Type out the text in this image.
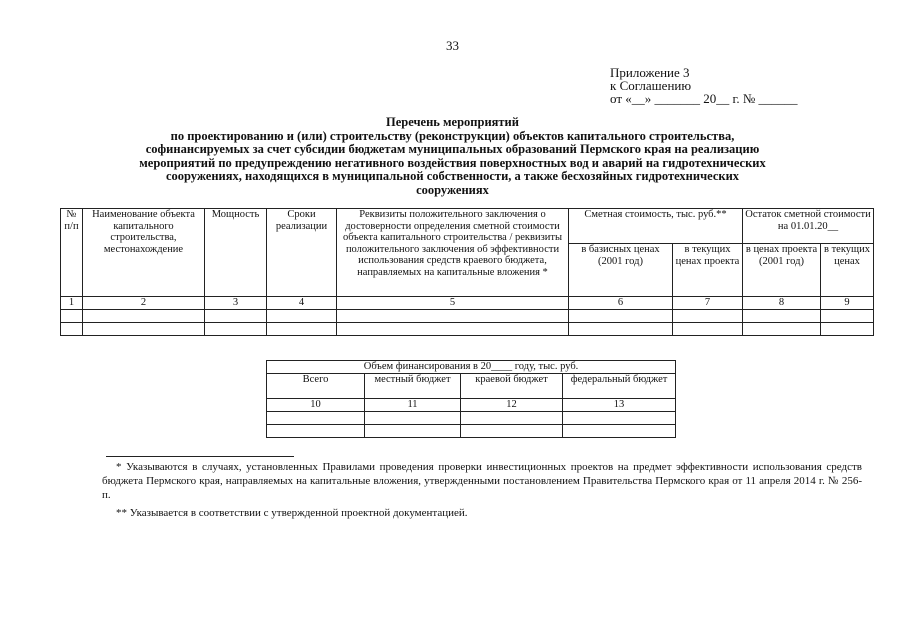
33
Приложение 3
к Соглашению
от «__» _______ 20__ г. № ______
Перечень мероприятий
по проектированию и (или) строительству (реконструкции) объектов капитального строительства,
софинансируемых за счет субсидии бюджетам муниципальных образований Пермского края на реализацию
мероприятий по предупреждению негативного воздействия поверхностных вод и аварий на гидротехнических
сооружениях, находящихся в муниципальной собственности, а также бесхозяйных гидротехнических
сооружениях
№ п/п	Наименование объекта капитального строительства, местонахождение	Мощность	Сроки реализации	Реквизиты положительного заключения о достоверности определения сметной стоимости объекта капитального строительства / реквизиты положительного заключения об эффективности использования средств краевого бюджета, направляемых на капитальные вложения *	Сметная стоимость, тыс. руб.**		Остаток сметной стоимости на 01.01.20__	
					в базисных ценах (2001 год)	в текущих ценах проекта	в ценах проекта (2001 год)	в текущих ценах
1	2	3	4	5	6	7	8	9

Объем финансирования в 20____ году, тыс. руб.			
Всего	местный бюджет	краевой бюджет	федеральный бюджет
10	11	12	13

* Указываются в случаях, установленных Правилами проведения проверки инвестиционных проектов на предмет эффективности использования средств бюджета Пермского края, направляемых на капитальные вложения, утвержденными постановлением Правительства Пермского края от 11 апреля 2014 г. № 256-п.

** Указывается в соответствии с утвержденной проектной документацией.
